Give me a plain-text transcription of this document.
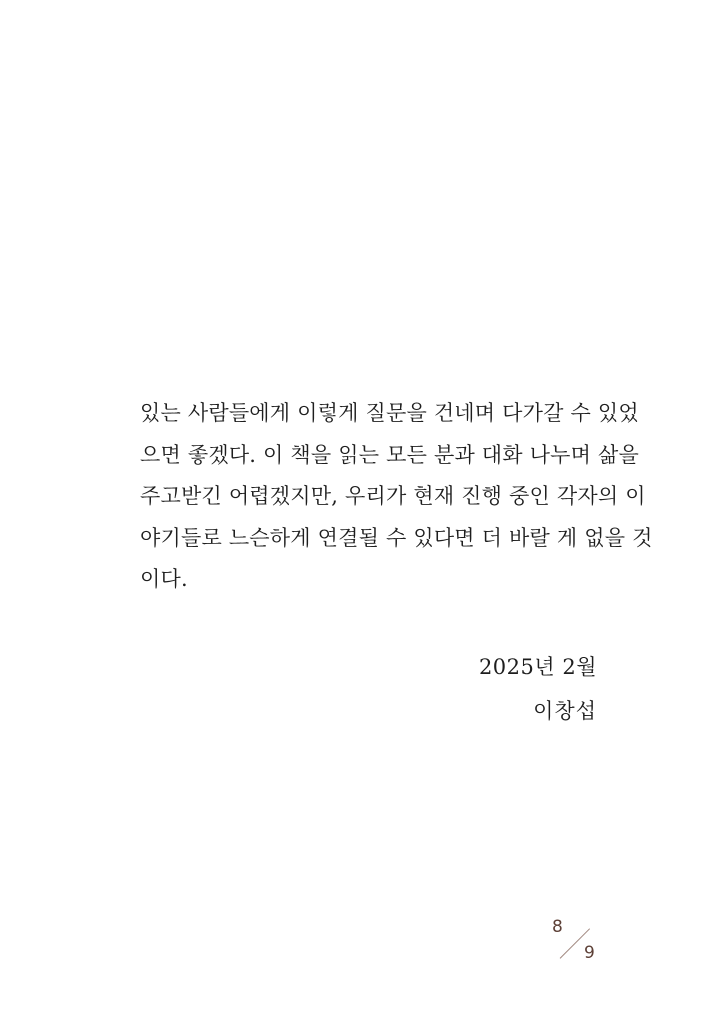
있는 사람들에게 이렇게 질문을 건네며 다가갈 수 있었
으면 좋겠다. 이 책을 읽는 모든 분과 대화 나누며 삶을
주고받긴 어렵겠지만, 우리가 현재 진행 중인 각자의 이
야기들로 느슨하게 연결될 수 있다면 더 바랄 게 없을 것
이다.
2025년 2월
이창섭
8
9
